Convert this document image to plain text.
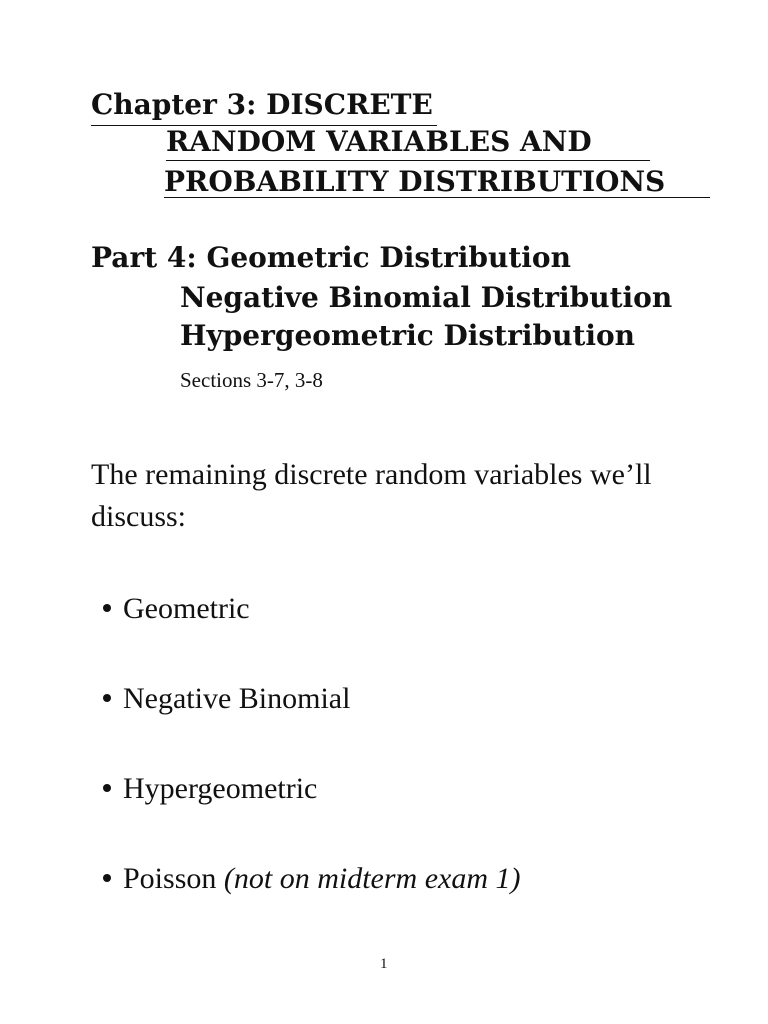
Chapter 3: DISCRETE
RANDOM VARIABLES AND
PROBABILITY DISTRIBUTIONS
Part 4: Geometric Distribution
Negative Binomial Distribution
Hypergeometric Distribution
Sections 3-7, 3-8
The remaining discrete random variables we’ll
discuss:
Geometric
Negative Binomial
Hypergeometric
Poisson (not on midterm exam 1)
1
